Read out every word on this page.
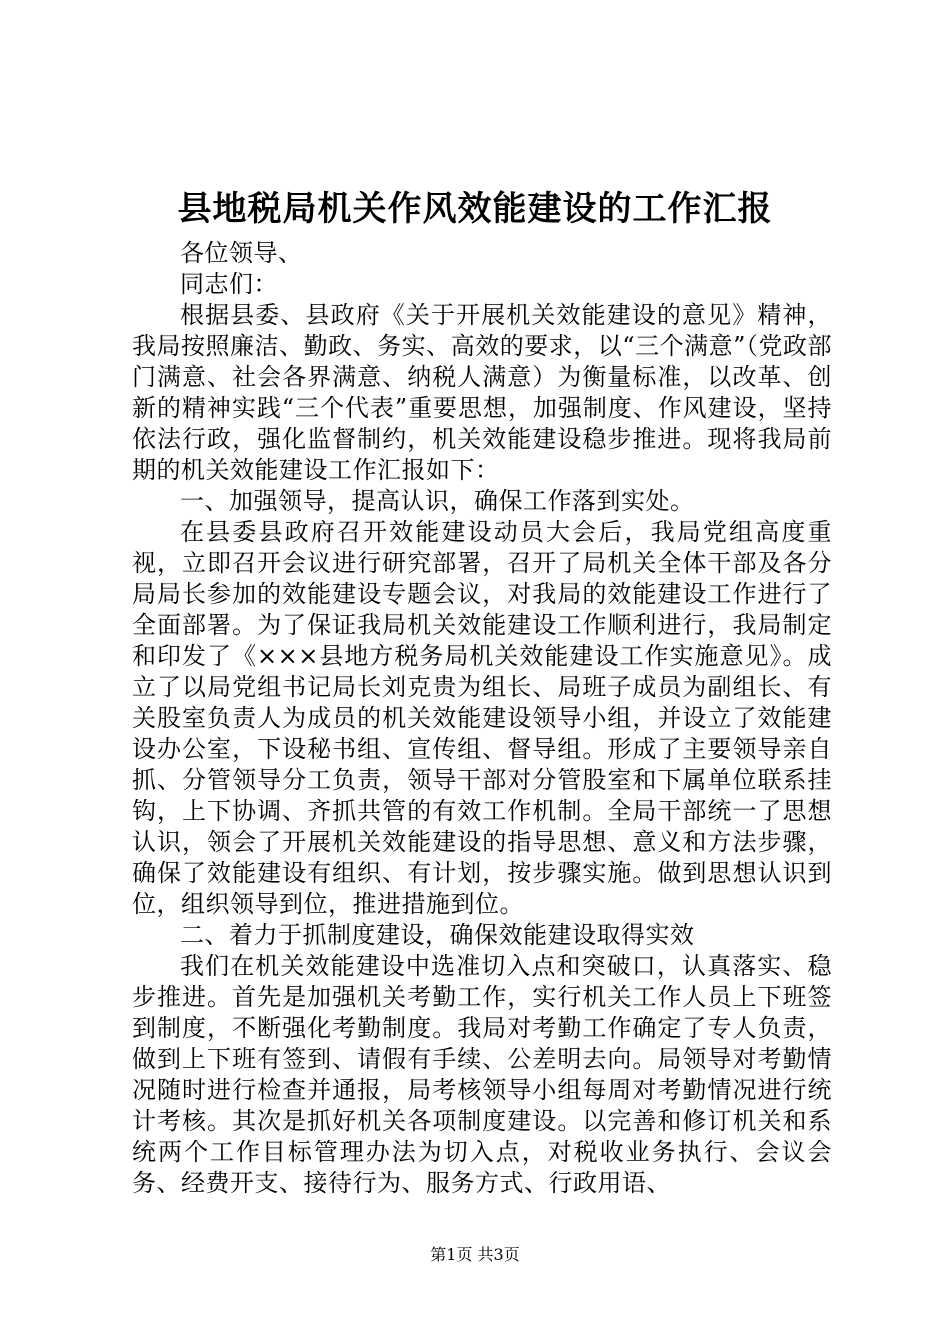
县地税局机关作风效能建设的工作汇报

各位领导、

同志们：

根据县委、县政府《关于开展机关效能建设的意见》精神，我局按照廉洁、勤政、务实、高效的要求，以“三个满意”（党政部门满意、社会各界满意、纳税人满意）为衡量标准，以改革、创新的精神实践“三个代表”重要思想，加强制度、作风建设，坚持依法行政，强化监督制约，机关效能建设稳步推进。现将我局前期的机关效能建设工作汇报如下：

一、加强领导，提高认识，确保工作落到实处。

在县委县政府召开效能建设动员大会后，我局党组高度重视，立即召开会议进行研究部署，召开了局机关全体干部及各分局局长参加的效能建设专题会议，对我局的效能建设工作进行了全面部署。为了保证我局机关效能建设工作顺利进行，我局制定和印发了《×××县地方税务局机关效能建设工作实施意见》。成立了以局党组书记局长刘克贵为组长、局班子成员为副组长、有关股室负责人为成员的机关效能建设领导小组，并设立了效能建设办公室，下设秘书组、宣传组、督导组。形成了主要领导亲自抓、分管领导分工负责，领导干部对分管股室和下属单位联系挂钩，上下协调、齐抓共管的有效工作机制。全局干部统一了思想认识，领会了开展机关效能建设的指导思想、意义和方法步骤，确保了效能建设有组织、有计划，按步骤实施。做到思想认识到位，组织领导到位，推进措施到位。

二、着力于抓制度建设，确保效能建设取得实效

我们在机关效能建设中选准切入点和突破口，认真落实、稳步推进。首先是加强机关考勤工作，实行机关工作人员上下班签到制度，不断强化考勤制度。我局对考勤工作确定了专人负责，做到上下班有签到、请假有手续、公差明去向。局领导对考勤情况随时进行检查并通报，局考核领导小组每周对考勤情况进行统计考核。其次是抓好机关各项制度建设。以完善和修订机关和系统两个工作目标管理办法为切入点，对税收业务执行、会议会务、经费开支、接待行为、服务方式、行政用语、

第1页 共3页
